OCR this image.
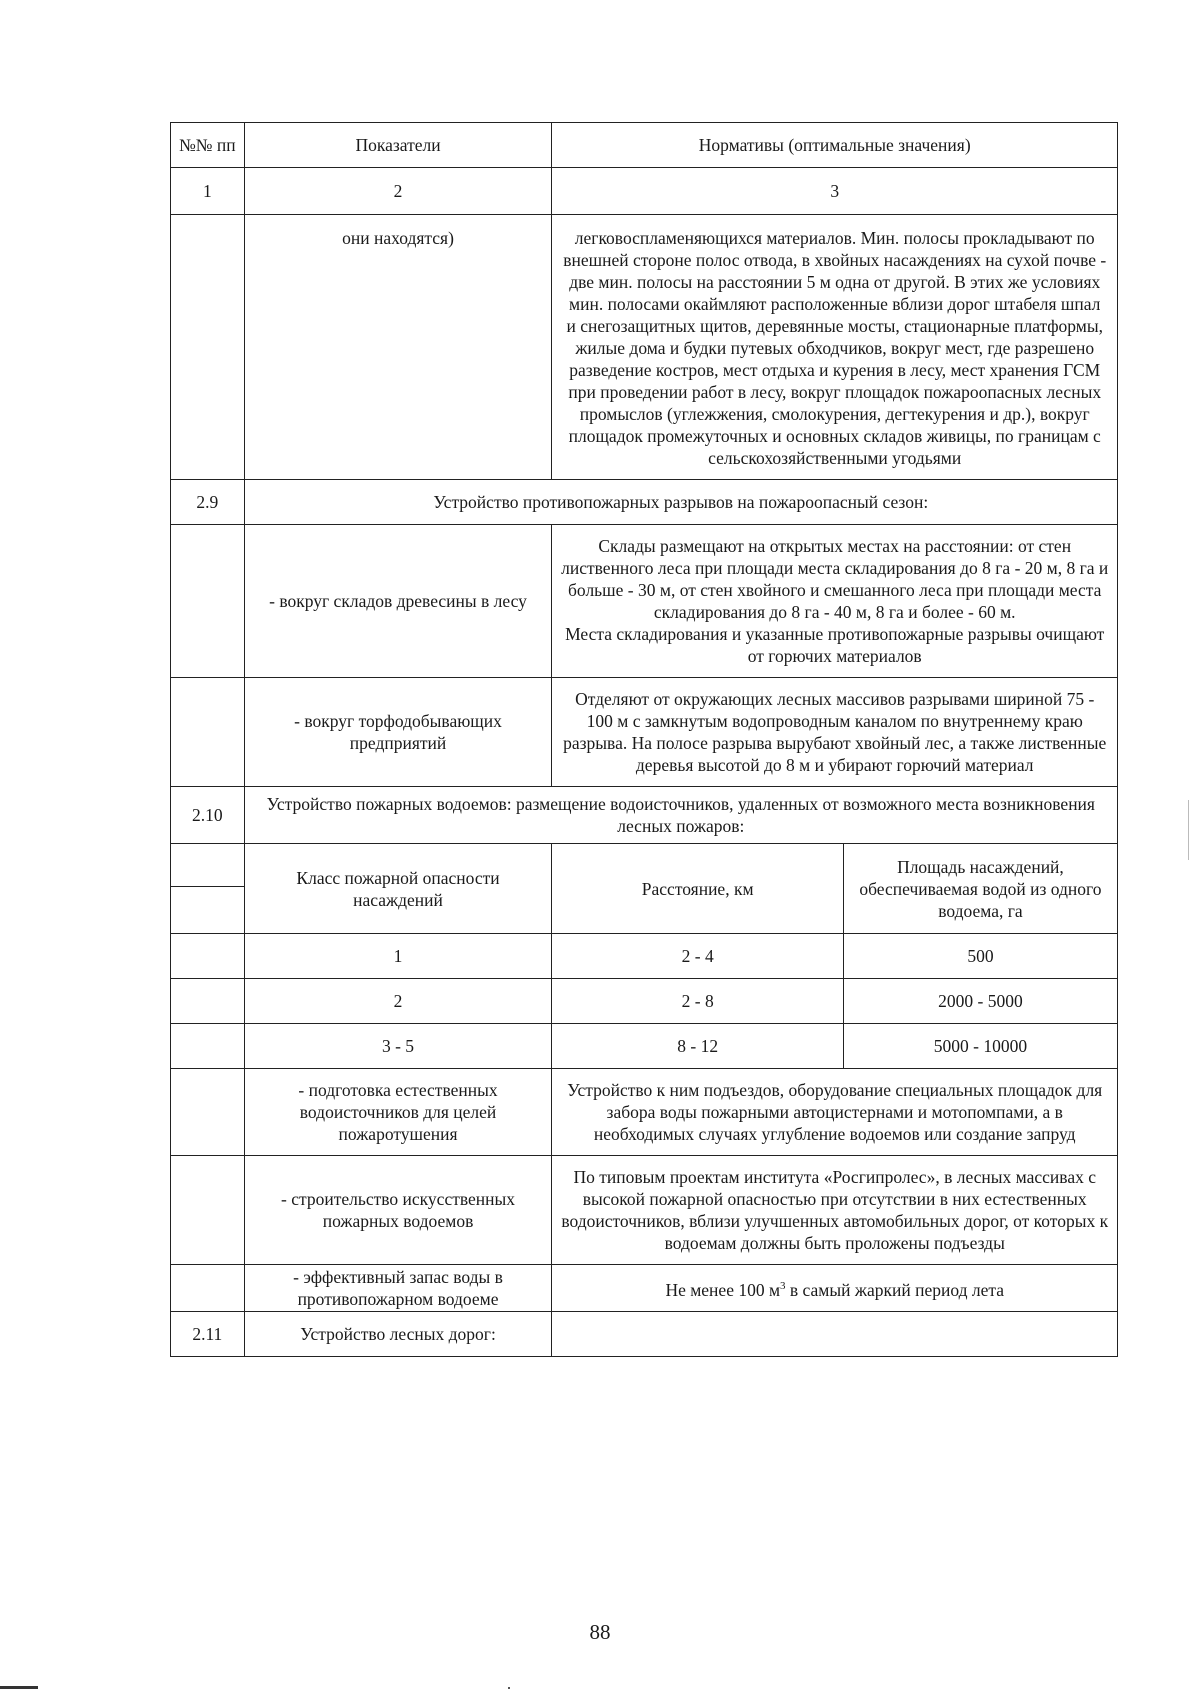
№№ пп	Показатели	Нормативы (оптимальные значения)	
1	2	3	
	они находятся)	легковоспламеняющихся материалов. Мин. полосы прокладывают по внешней стороне полос отвода, в хвойных насаждениях на сухой почве - две мин. полосы на расстоянии 5 м одна от другой. В этих же условиях мин. полосами окаймляют расположенные вблизи дорог штабеля шпал и снегозащитных щитов, деревянные мосты, стационарные платформы, жилые дома и будки путевых обходчиков, вокруг мест, где разрешено разведение костров, мест отдыха и курения в лесу, мест хранения ГСМ при проведении работ в лесу, вокруг площадок пожароопасных лесных промыслов (углежжения, смолокурения, дегтекурения и др.), вокруг площадок промежуточных и основных складов живицы, по границам с сельскохозяйственными угодьями	
2.9	Устройство противопожарных разрывов на пожароопасный сезон:		
	- вокруг складов древесины в лесу	Склады размещают на открытых местах на расстоянии: от стен лиственного леса при площади места складирования до 8 га - 20 м, 8 га и больше - 30 м, от стен хвойного и смешанного леса при площади места складирования до 8 га - 40 м, 8 га и более - 60 м.
Места складирования и указанные противопожарные разрывы очищают от горючих материалов	

	- вокруг торфодобывающих предприятий	Отделяют от окружающих лесных массивов разрывами шириной 75 - 100 м с замкнутым водопроводным каналом по внутреннему краю разрыва. На полосе разрыва вырубают хвойный лес, а также лиственные деревья высотой до 8 м и убирают горючий материал	
2.10	Устройство пожарных водоемов: размещение водоисточников, удаленных от возможного места возникновения лесных пожаров:		
	Класс пожарной опасности насаждений	Расстояние, км	Площадь насаждений, обеспечиваемая водой из одного водоема, га

	1	2 - 4	500
	2	2 - 8	2000 - 5000
	3 - 5	8 - 12	5000 - 10000
	- подготовка естественных водоисточников для целей пожаротушения	Устройство к ним подъездов, оборудование специальных площадок для забора воды пожарными автоцистернами и мотопомпами, а в необходимых случаях углубление водоемов или создание запруд	
	- строительство искусственных пожарных водоемов	По типовым проектам института «Росгипролес», в лесных массивах с высокой пожарной опасностью при отсутствии в них естественных водоисточников, вблизи улучшенных автомобильных дорог, от которых к водоемам должны быть проложены подъезды	
	- эффективный запас воды в противопожарном водоеме	Не менее 100 $м^3$ в самый жаркий период лета	
2.11	Устройство лесных дорог:		
88
